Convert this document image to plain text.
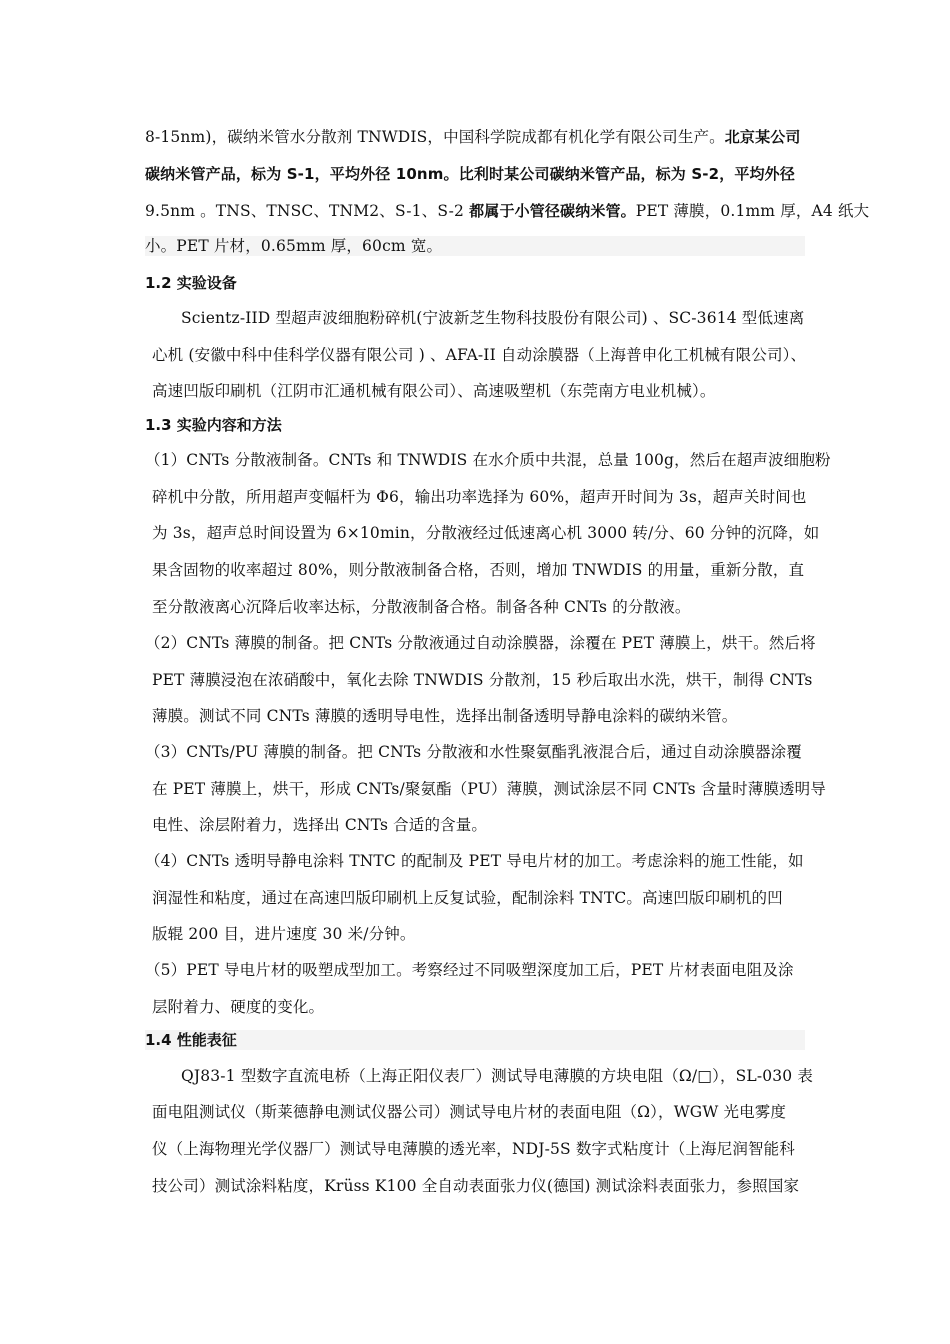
8-15nm)，碳纳米管水分散剂 TNWDIS，中国科学院成都有机化学有限公司生产。北京某公司
碳纳米管产品，标为 S-1，平均外径 10nm。比利时某公司碳纳米管产品，标为 S-2，平均外径
9.5nm 。TNS、TNSC、TNM2、S-1、S-2 都属于小管径碳纳米管。PET 薄膜，0.1mm 厚，A4 纸大
小。PET 片材，0.65mm 厚，60cm 宽。
1.2 实验设备
Scientz-IID 型超声波细胞粉碎机(宁波新芝生物科技股份有限公司) 、SC-3614 型低速离
心机 (安徽中科中佳科学仪器有限公司 ) 、AFA-II 自动涂膜器（上海普申化工机械有限公司）、
高速凹版印刷机（江阴市汇通机械有限公司）、高速吸塑机（东莞南方电业机械）。
1.3 实验内容和方法
（1）CNTs 分散液制备。CNTs 和 TNWDIS 在水介质中共混，总量 100g，然后在超声波细胞粉
碎机中分散，所用超声变幅杆为 Φ6，输出功率选择为 60%，超声开时间为 3s，超声关时间也
为 3s，超声总时间设置为 6×10min，分散液经过低速离心机 3000 转/分、60 分钟的沉降，如
果含固物的收率超过 80%，则分散液制备合格，否则，增加 TNWDIS 的用量，重新分散，直
至分散液离心沉降后收率达标，分散液制备合格。制备各种 CNTs 的分散液。
（2）CNTs 薄膜的制备。把 CNTs 分散液通过自动涂膜器，涂覆在 PET 薄膜上，烘干。然后将
PET 薄膜浸泡在浓硝酸中，氧化去除 TNWDIS 分散剂，15 秒后取出水洗，烘干，制得 CNTs
薄膜。测试不同 CNTs 薄膜的透明导电性，选择出制备透明导静电涂料的碳纳米管。
（3）CNTs/PU 薄膜的制备。把 CNTs 分散液和水性聚氨酯乳液混合后，通过自动涂膜器涂覆
在 PET 薄膜上，烘干，形成 CNTs/聚氨酯（PU）薄膜，测试涂层不同 CNTs 含量时薄膜透明导
电性、涂层附着力，选择出 CNTs 合适的含量。
（4）CNTs 透明导静电涂料 TNTC 的配制及 PET 导电片材的加工。考虑涂料的施工性能，如
润湿性和粘度，通过在高速凹版印刷机上反复试验，配制涂料 TNTC。高速凹版印刷机的凹
版辊 200 目，进片速度 30 米/分钟。
（5）PET 导电片材的吸塑成型加工。考察经过不同吸塑深度加工后，PET 片材表面电阻及涂
层附着力、硬度的变化。
1.4 性能表征
QJ83-1 型数字直流电桥（上海正阳仪表厂）测试导电薄膜的方块电阻（Ω/□），SL-030 表
面电阻测试仪（斯莱德静电测试仪器公司）测试导电片材的表面电阻（Ω），WGW 光电雾度
仪（上海物理光学仪器厂）测试导电薄膜的透光率，NDJ-5S 数字式粘度计（上海尼润智能科
技公司）测试涂料粘度，Krüss K100 全自动表面张力仪(德国) 测试涂料表面张力，参照国家
